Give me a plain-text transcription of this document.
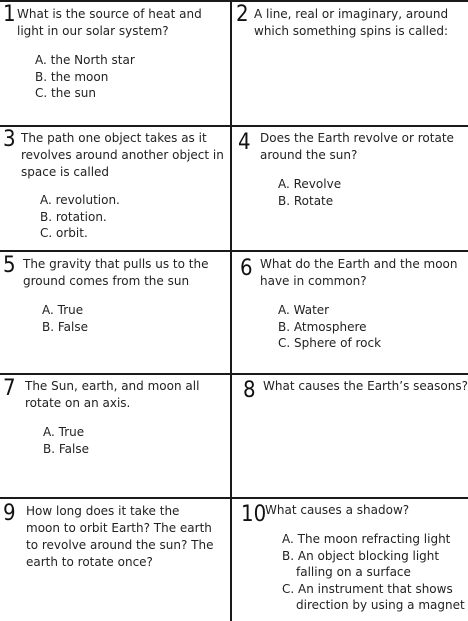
1 What is the source of heat and light in our solar system?

A. the North star
B. the moon
C. the sun
2 A line, real or imaginary, around which something spins is called:

3 The path one object takes as it revolves around another object in space is called

A. revolution.
B. rotation.
C. orbit.
4 Does the Earth revolve or rotate around the sun?

A. Revolve
B. Rotate
5 The gravity that pulls us to the ground comes from the sun

A. True
B. False
6 What do the Earth and the moon have in common?

A. Water
B. Atmosphere
C. Sphere of rock
7 The Sun, earth, and moon all rotate on an axis.

A. True
B. False
8 What causes the Earth’s seasons?

9 How long does it take the moon to orbit Earth? The earth to revolve around the sun? The earth to rotate once?

10

What causes a shadow?

A. The moon refracting light
B. An object blocking light falling on a surface
C. An instrument that shows direction by using a magnet
